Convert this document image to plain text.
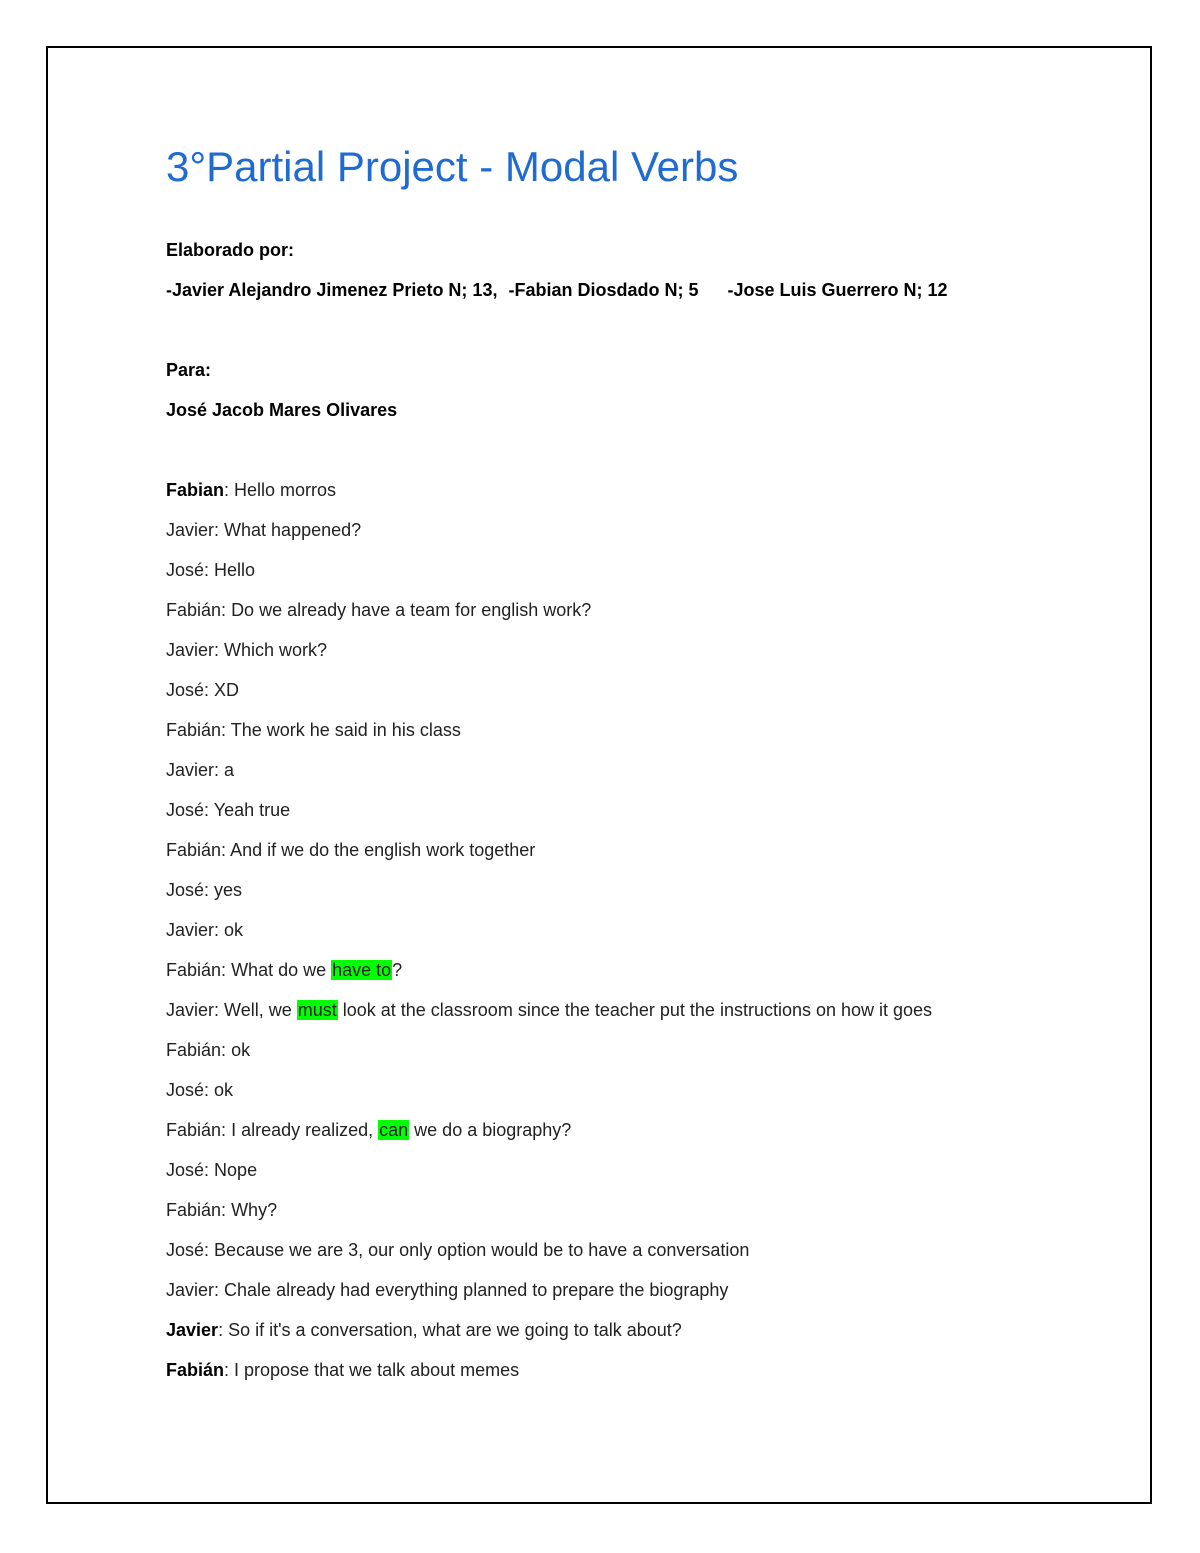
3°Partial Project - Modal Verbs

Elaborado por:

-Javier Alejandro Jimenez Prieto N; 13, -Fabian Diosdado N; 5 -Jose Luis Guerrero N; 12

Para:

José Jacob Mares Olivares

Fabian: Hello morros
Javier: What happened?
José: Hello
Fabián: Do we already have a team for english work?
Javier: Which work?
José: XD
Fabián: The work he said in his class
Javier: a
José: Yeah true
Fabián: And if we do the english work together
José: yes
Javier: ok
Fabián: What do we have to?
Javier: Well, we must look at the classroom since the teacher put the instructions on how it goes
Fabián: ok
José: ok
Fabián: I already realized, can we do a biography?
José: Nope
Fabián: Why?
José: Because we are 3, our only option would be to have a conversation
Javier: Chale already had everything planned to prepare the biography
Javier: So if it's a conversation, what are we going to talk about?
Fabián: I propose that we talk about memes
